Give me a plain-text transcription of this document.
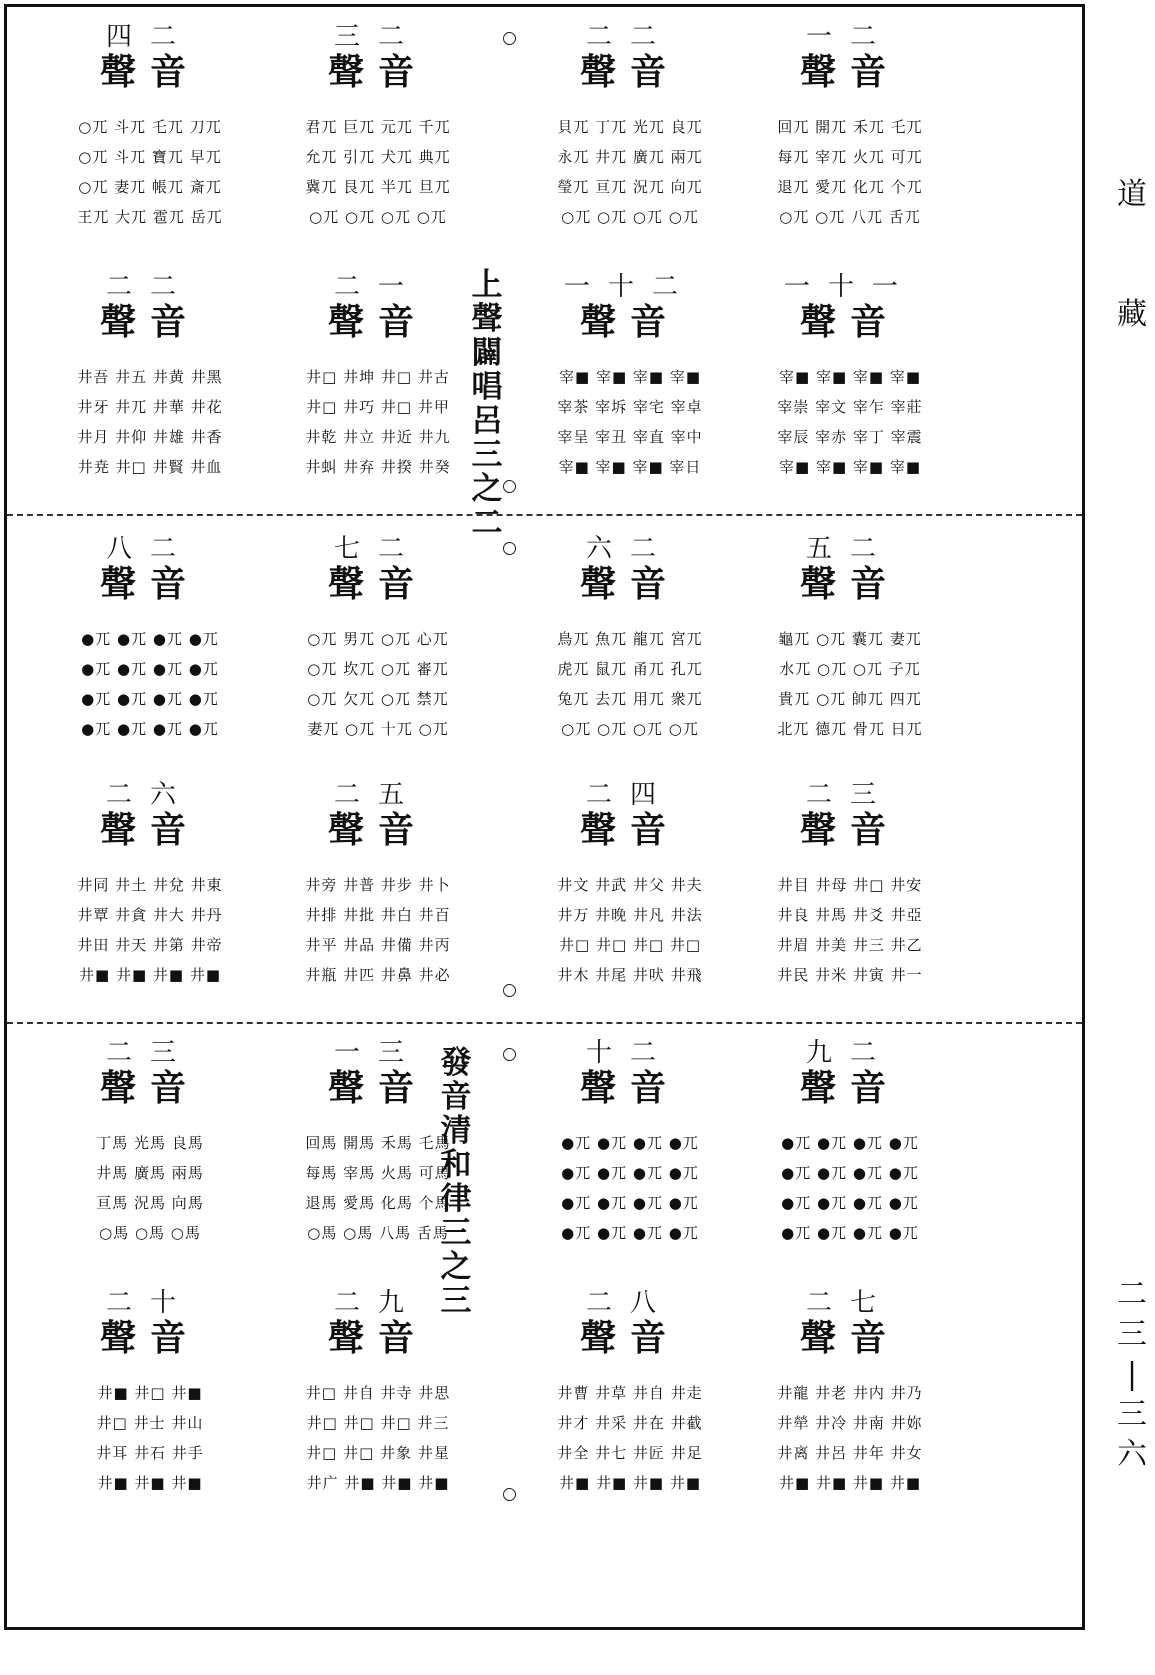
上
聲
闢
唱
呂
三
之
二
發
音
清
和
律
三
之
三
道
藏
二
三
|
三
六
四二
聲音
○兀 斗兀 乇兀 刀兀
○兀 斗兀 寶兀 早兀
○兀 妻兀 帳兀 斎兀
王兀 大兀 雹兀 岳兀
三二
聲音
君兀 巨兀 元兀 千兀
允兀 引兀 犬兀 典兀
冀兀 艮兀 半兀 旦兀
○兀 ○兀 ○兀 ○兀
二二
聲音
貝兀 丁兀 光兀 良兀
永兀 井兀 廣兀 兩兀
瑩兀 亘兀 況兀 向兀
○兀 ○兀 ○兀 ○兀
一二
聲音
回兀 開兀 禾兀 乇兀
每兀 宰兀 火兀 可兀
退兀 愛兀 化兀 个兀
○兀 ○兀 八兀 舌兀
二二
聲音
井吾 井五 井黄 井黑
井牙 井兀 井華 井花
井月 井仰 井雄 井香
井尭 井□ 井賢 井血
二一
聲音
井□ 井坤 井□ 井古
井□ 井巧 井□ 井甲
井乾 井立 井近 井九
井虯 井弃 井揆 井癸
一十二
聲音
宰■ 宰■ 宰■ 宰■
宰茶 宰坼 宰宅 宰卓
宰呈 宰丑 宰直 宰中
宰■ 宰■ 宰■ 宰日
一十一
聲音
宰■ 宰■ 宰■ 宰■
宰崇 宰文 宰乍 宰莊
宰辰 宰赤 宰丁 宰震
宰■ 宰■ 宰■ 宰■
八二
聲音
●兀 ●兀 ●兀 ●兀
●兀 ●兀 ●兀 ●兀
●兀 ●兀 ●兀 ●兀
●兀 ●兀 ●兀 ●兀
七二
聲音
○兀 男兀 ○兀 心兀
○兀 坎兀 ○兀 審兀
○兀 欠兀 ○兀 禁兀
妻兀 ○兀 十兀 ○兀
六二
聲音
鳥兀 魚兀 龍兀 宮兀
虎兀 鼠兀 甬兀 孔兀
兔兀 去兀 用兀 衆兀
○兀 ○兀 ○兀 ○兀
五二
聲音
龜兀 ○兀 囊兀 妻兀
水兀 ○兀 ○兀 子兀
貴兀 ○兀 帥兀 四兀
北兀 德兀 骨兀 日兀
二六
聲音
井同 井土 井兌 井東
井覃 井貪 井大 井丹
井田 井天 井第 井帝
井■ 井■ 井■ 井■
二五
聲音
井旁 井普 井步 井卜
井排 井批 井白 井百
井平 井品 井備 井丙
井瓶 井匹 井鼻 井必
二四
聲音
井文 井武 井父 井夫
井万 井晚 井凡 井法
井□ 井□ 井□ 井□
井木 井尾 井吠 井飛
二三
聲音
井目 井母 井□ 井安
井良 井馬 井爻 井亞
井眉 井美 井三 井乙
井民 井米 井寅 井一
二三
聲音
丁馬 光馬 良馬
井馬 廣馬 兩馬
亘馬 況馬 向馬
○馬 ○馬 ○馬
一三
聲音
回馬 開馬 禾馬 乇馬
每馬 宰馬 火馬 可馬
退馬 愛馬 化馬 个馬
○馬 ○馬 八馬 舌馬
十二
聲音
●兀 ●兀 ●兀 ●兀
●兀 ●兀 ●兀 ●兀
●兀 ●兀 ●兀 ●兀
●兀 ●兀 ●兀 ●兀
九二
聲音
●兀 ●兀 ●兀 ●兀
●兀 ●兀 ●兀 ●兀
●兀 ●兀 ●兀 ●兀
●兀 ●兀 ●兀 ●兀
二十
聲音
井■ 井□ 井■
井□ 井士 井山
井耳 井石 井手
井■ 井■ 井■
二九
聲音
井□ 井自 井寺 井思
井□ 井□ 井□ 井三
井□ 井□ 井象 井星
井广 井■ 井■ 井■
二八
聲音
井曹 井草 井自 井走
井才 井采 井在 井截
井全 井七 井匠 井足
井■ 井■ 井■ 井■
二七
聲音
井龍 井老 井内 井乃
井犖 井冷 井南 井妳
井离 井呂 井年 井女
井■ 井■ 井■ 井■
